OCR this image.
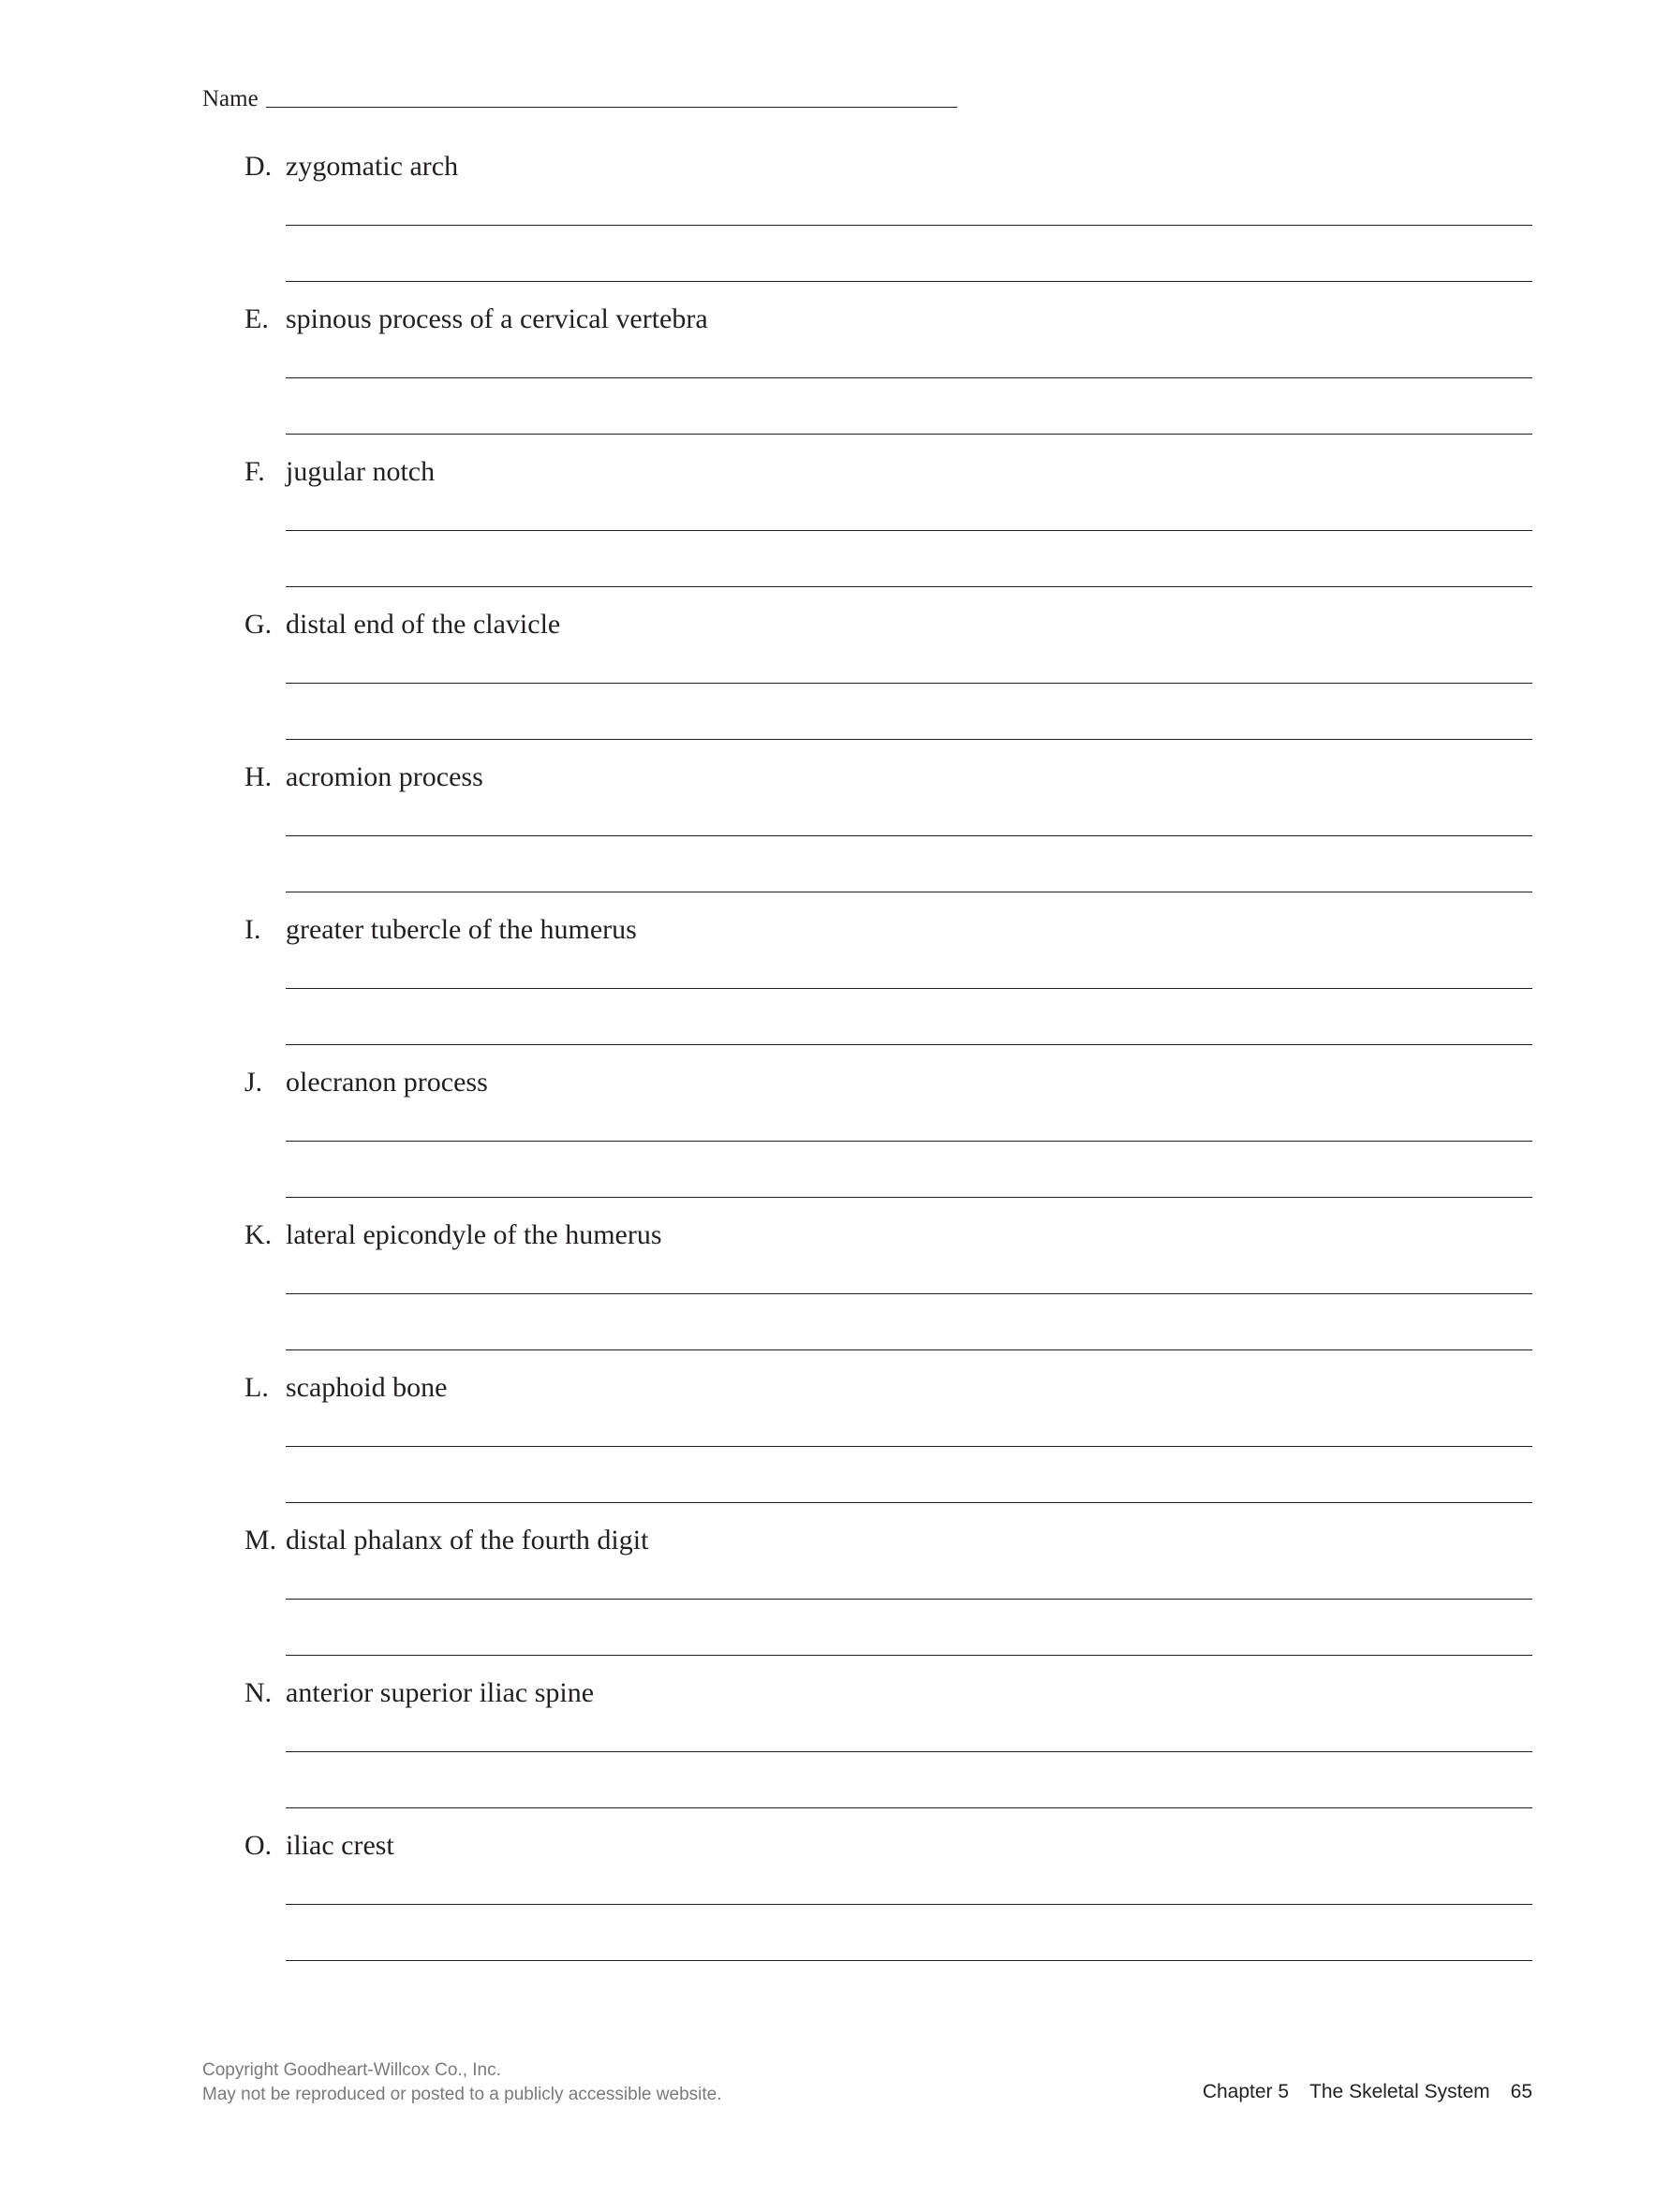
Name
D. zygomatic arch
E. spinous process of a cervical vertebra
F. jugular notch
G. distal end of the clavicle
H. acromion process
I. greater tubercle of the humerus
J. olecranon process
K. lateral epicondyle of the humerus
L. scaphoid bone
M. distal phalanx of the fourth digit
N. anterior superior iliac spine
O. iliac crest
Copyright Goodheart-Willcox Co., Inc.
May not be reproduced or posted to a publicly accessible website.	Chapter 5 The Skeletal System 65
